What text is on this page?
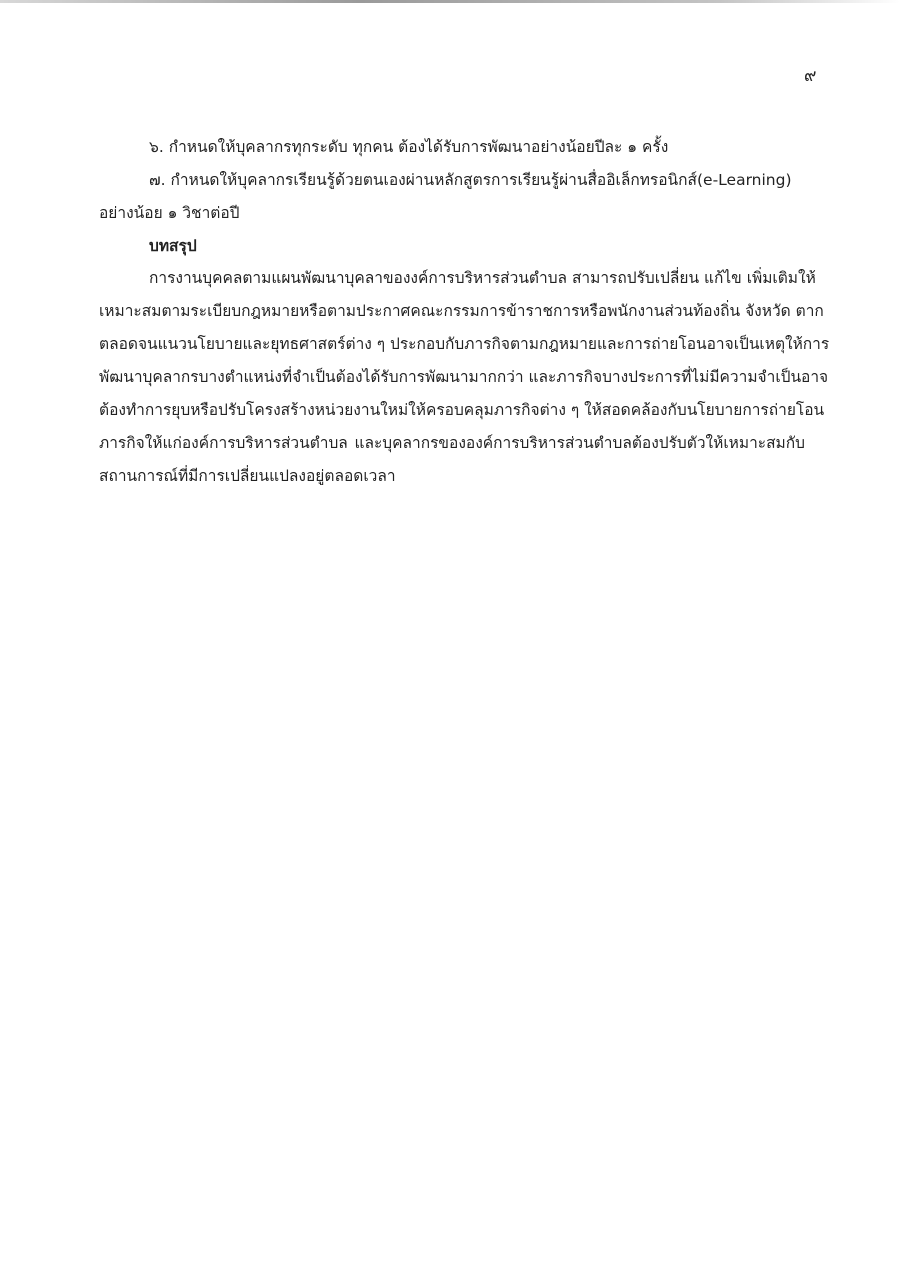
๙
๖. กำหนดให้บุคลากรทุกระดับ ทุกคน ต้องได้รับการพัฒนาอย่างน้อยปีละ ๑ ครั้ง
๗. กำหนดให้บุคลากรเรียนรู้ด้วยตนเองผ่านหลักสูตรการเรียนรู้ผ่านสื่ออิเล็กทรอนิกส์(e-Learning)
อย่างน้อย ๑ วิชาต่อปี
บทสรุป
การงานบุคคลตามแผนพัฒนาบุคลาของงค์การบริหารส่วนตำบล สามารถปรับเปลี่ยน แก้ไข เพิ่มเติมให้
เหมาะสมตามระเบียบกฎหมายหรือตามประกาศคณะกรรมการข้าราชการหรือพนักงานส่วนท้องถิ่น จังหวัด ตาก
ตลอดจนแนวนโยบายและยุทธศาสตร์ต่าง ๆ ประกอบกับภารกิจตามกฎหมายและการถ่ายโอนอาจเป็นเหตุให้การ
พัฒนาบุคลากรบางตำแหน่งที่จำเป็นต้องได้รับการพัฒนามากกว่า และภารกิจบางประการที่ไม่มีความจำเป็นอาจ
ต้องทำการยุบหรือปรับโครงสร้างหน่วยงานใหม่ให้ครอบคลุมภารกิจต่าง ๆ ให้สอดคล้องกับนโยบายการถ่ายโอน
ภารกิจให้แก่องค์การบริหารส่วนตำบล และบุคลากรขององค์การบริหารส่วนตำบลต้องปรับตัวให้เหมาะสมกับ
สถานการณ์ที่มีการเปลี่ยนแปลงอยู่ตลอดเวลา
